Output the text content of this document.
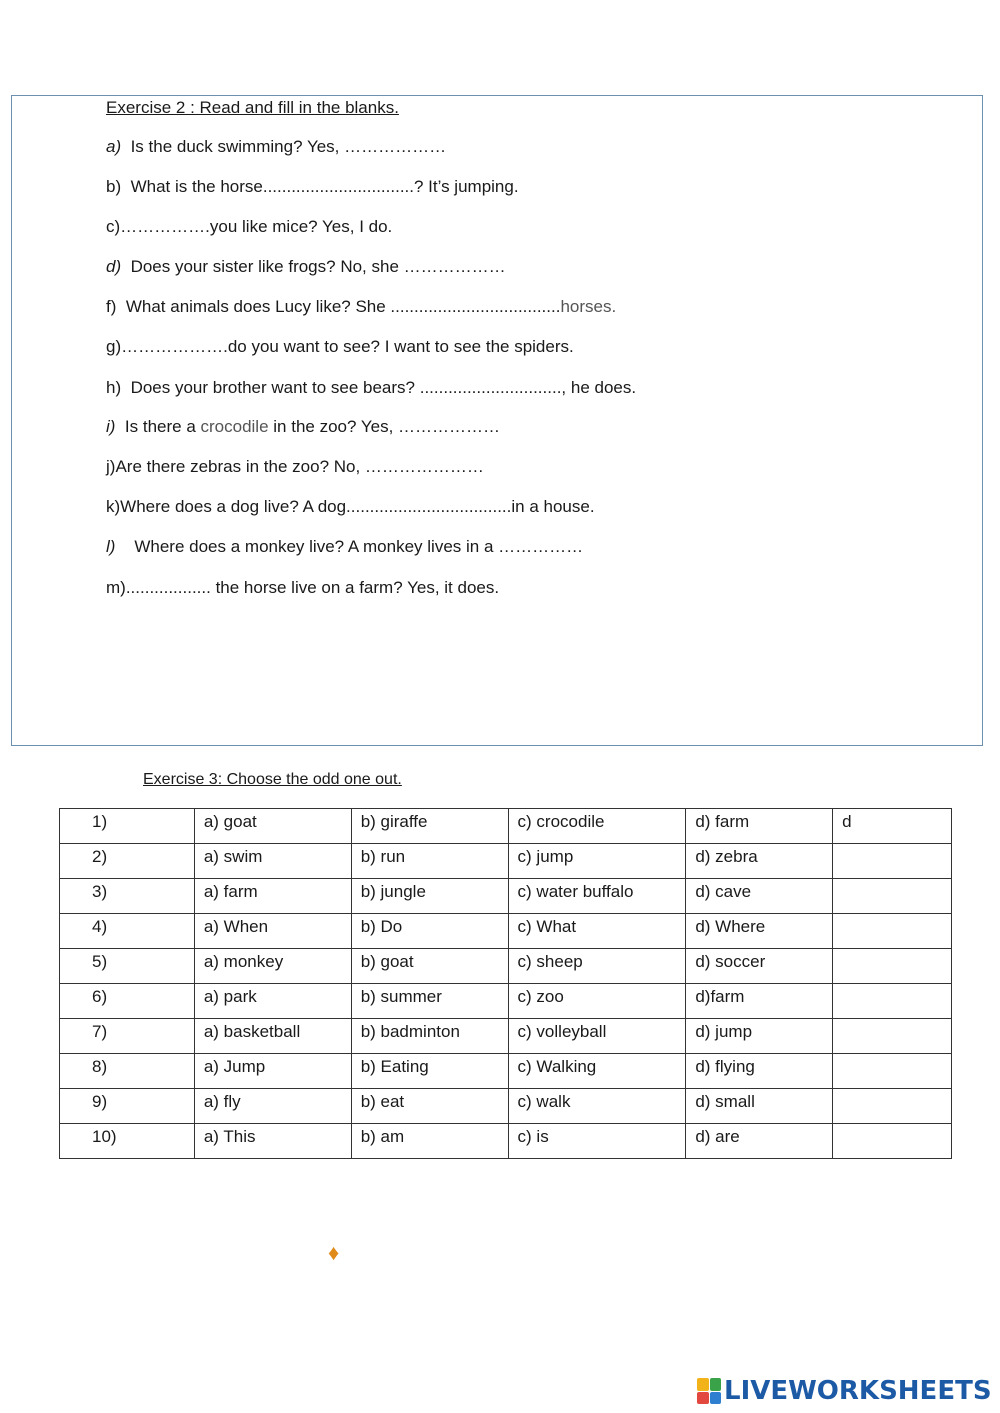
Exercise 2 : Read and fill in the blanks.
a)  Is the duck swimming? Yes, ………………
b)  What is the horse................................? It’s jumping.
c)…………….you like mice? Yes, I do.
d)  Does your sister like frogs? No, she ………………
f)  What animals does Lucy like? She ....................................horses.
g)……………….do you want to see? I want to see the spiders.
h)  Does your brother want to see bears? .............................., he does.
i)  Is there a crocodile in the zoo? Yes, ………………
j)Are there zebras in the zoo? No, …………………
k)Where does a dog live? A dog...................................in a house.
l)    Where does a monkey live? A monkey lives in a ……………
m).................. the horse live on a farm? Yes, it does.
Exercise 3: Choose the odd one out.
1)	a) goat	b) giraffe	c) crocodile	d) farm	d
2)	a) swim	b) run	c) jump	d) zebra	
3)	a) farm	b) jungle	c) water buffalo	d) cave	
4)	a) When	b) Do	c) What	d) Where	
5)	a) monkey	b) goat	c) sheep	d) soccer	
6)	a) park	b) summer	c) zoo	d)farm	
7)	a) basketball	b) badminton	c) volleyball	d) jump	
8)	a) Jump	b) Eating	c) Walking	d) flying	
9)	a) fly	b) eat	c) walk	d) small	
10)	a) This	b) am	c) is	d) are	
♦
LIVEWORKSHEETS
